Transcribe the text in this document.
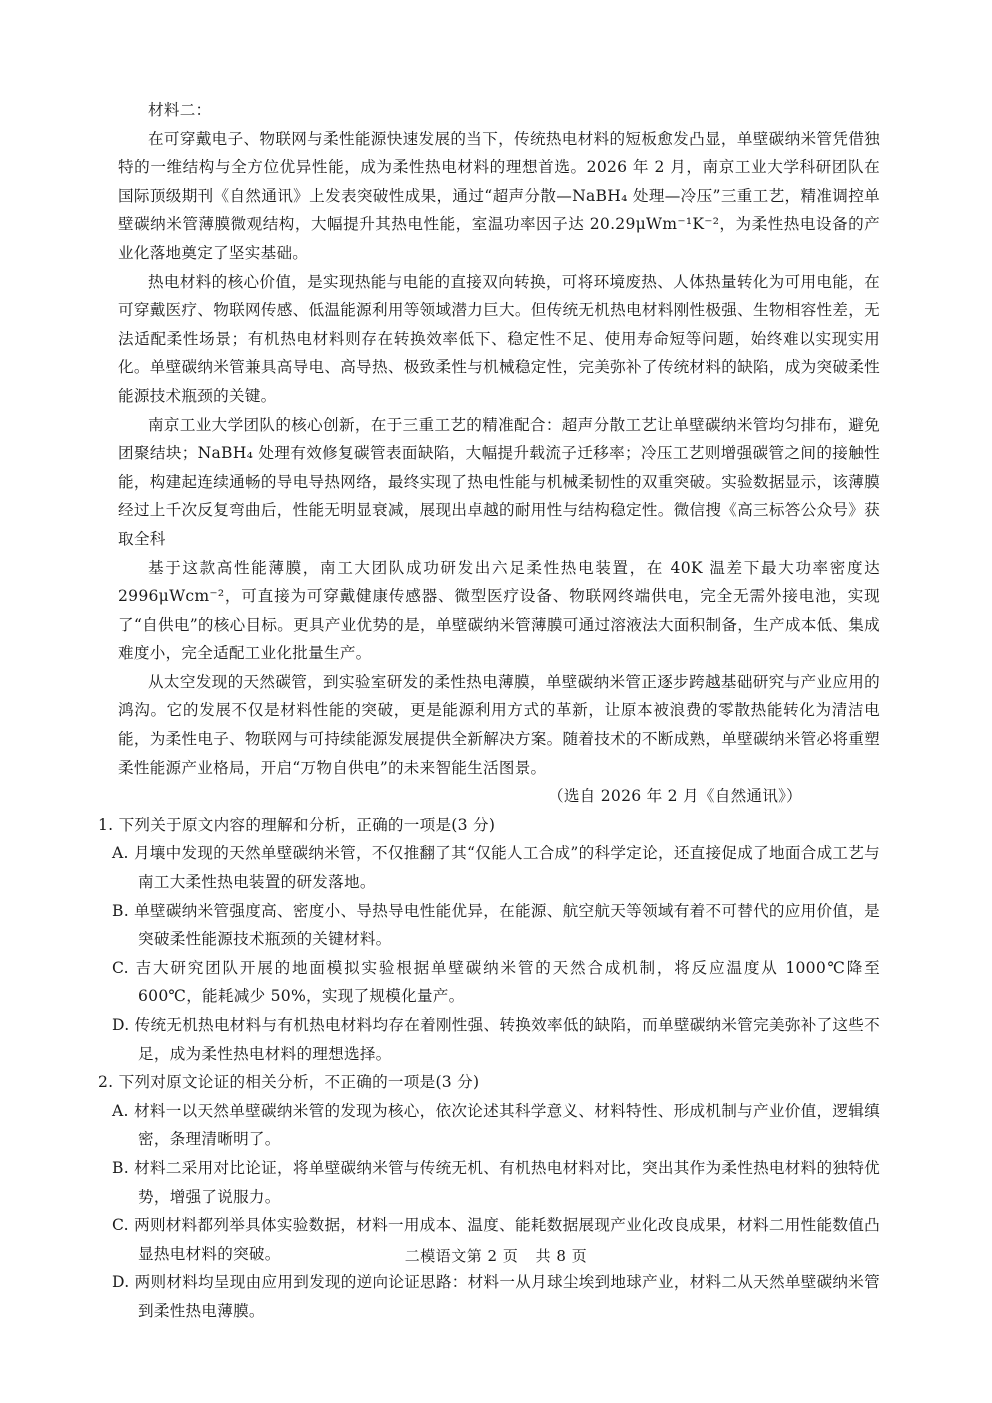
材料二：

在可穿戴电子、物联网与柔性能源快速发展的当下，传统热电材料的短板愈发凸显，单壁碳纳米管凭借独特的一维结构与全方位优异性能，成为柔性热电材料的理想首选。2026 年 2 月，南京工业大学科研团队在国际顶级期刊《自然通讯》上发表突破性成果，通过“超声分散—NaBH₄ 处理—冷压”三重工艺，精准调控单壁碳纳米管薄膜微观结构，大幅提升其热电性能，室温功率因子达 20.29μWm⁻¹K⁻²，为柔性热电设备的产业化落地奠定了坚实基础。

热电材料的核心价值，是实现热能与电能的直接双向转换，可将环境废热、人体热量转化为可用电能，在可穿戴医疗、物联网传感、低温能源利用等领域潜力巨大。但传统无机热电材料刚性极强、生物相容性差，无法适配柔性场景；有机热电材料则存在转换效率低下、稳定性不足、使用寿命短等问题，始终难以实现实用化。单壁碳纳米管兼具高导电、高导热、极致柔性与机械稳定性，完美弥补了传统材料的缺陷，成为突破柔性能源技术瓶颈的关键。

南京工业大学团队的核心创新，在于三重工艺的精准配合：超声分散工艺让单壁碳纳米管均匀排布，避免团聚结块；NaBH₄ 处理有效修复碳管表面缺陷，大幅提升载流子迁移率；冷压工艺则增强碳管之间的接触性能，构建起连续通畅的导电导热网络，最终实现了热电性能与机械柔韧性的双重突破。实验数据显示，该薄膜经过上千次反复弯曲后，性能无明显衰减，展现出卓越的耐用性与结构稳定性。微信搜《高三标答公众号》获取全科

基于这款高性能薄膜，南工大团队成功研发出六足柔性热电装置，在 40K 温差下最大功率密度达 2996μWcm⁻²，可直接为可穿戴健康传感器、微型医疗设备、物联网终端供电，完全无需外接电池，实现了“自供电”的核心目标。更具产业优势的是，单壁碳纳米管薄膜可通过溶液法大面积制备，生产成本低、集成难度小，完全适配工业化批量生产。

从太空发现的天然碳管，到实验室研发的柔性热电薄膜，单壁碳纳米管正逐步跨越基础研究与产业应用的鸿沟。它的发展不仅是材料性能的突破，更是能源利用方式的革新，让原本被浪费的零散热能转化为清洁电能，为柔性电子、物联网与可持续能源发展提供全新解决方案。随着技术的不断成熟，单壁碳纳米管必将重塑柔性能源产业格局，开启“万物自供电”的未来智能生活图景。

（选自 2026 年 2 月《自然通讯》）

1. 下列关于原文内容的理解和分析，正确的一项是(3 分)

A. 月壤中发现的天然单壁碳纳米管，不仅推翻了其“仅能人工合成”的科学定论，还直接促成了地面合成工艺与南工大柔性热电装置的研发落地。

B. 单壁碳纳米管强度高、密度小、导热导电性能优异，在能源、航空航天等领域有着不可替代的应用价值，是突破柔性能源技术瓶颈的关键材料。

C. 吉大研究团队开展的地面模拟实验根据单壁碳纳米管的天然合成机制，将反应温度从 1000℃降至 600℃，能耗减少 50%，实现了规模化量产。

D. 传统无机热电材料与有机热电材料均存在着刚性强、转换效率低的缺陷，而单壁碳纳米管完美弥补了这些不足，成为柔性热电材料的理想选择。

2. 下列对原文论证的相关分析，不正确的一项是(3 分)

A. 材料一以天然单壁碳纳米管的发现为核心，依次论述其科学意义、材料特性、形成机制与产业价值，逻辑缜密，条理清晰明了。

B. 材料二采用对比论证，将单壁碳纳米管与传统无机、有机热电材料对比，突出其作为柔性热电材料的独特优势，增强了说服力。

C. 两则材料都列举具体实验数据，材料一用成本、温度、能耗数据展现产业化改良成果，材料二用性能数值凸显热电材料的突破。

D. 两则材料均呈现由应用到发现的逆向论证思路：材料一从月球尘埃到地球产业，材料二从天然单壁碳纳米管到柔性热电薄膜。

二模语文第 2 页 共 8 页
